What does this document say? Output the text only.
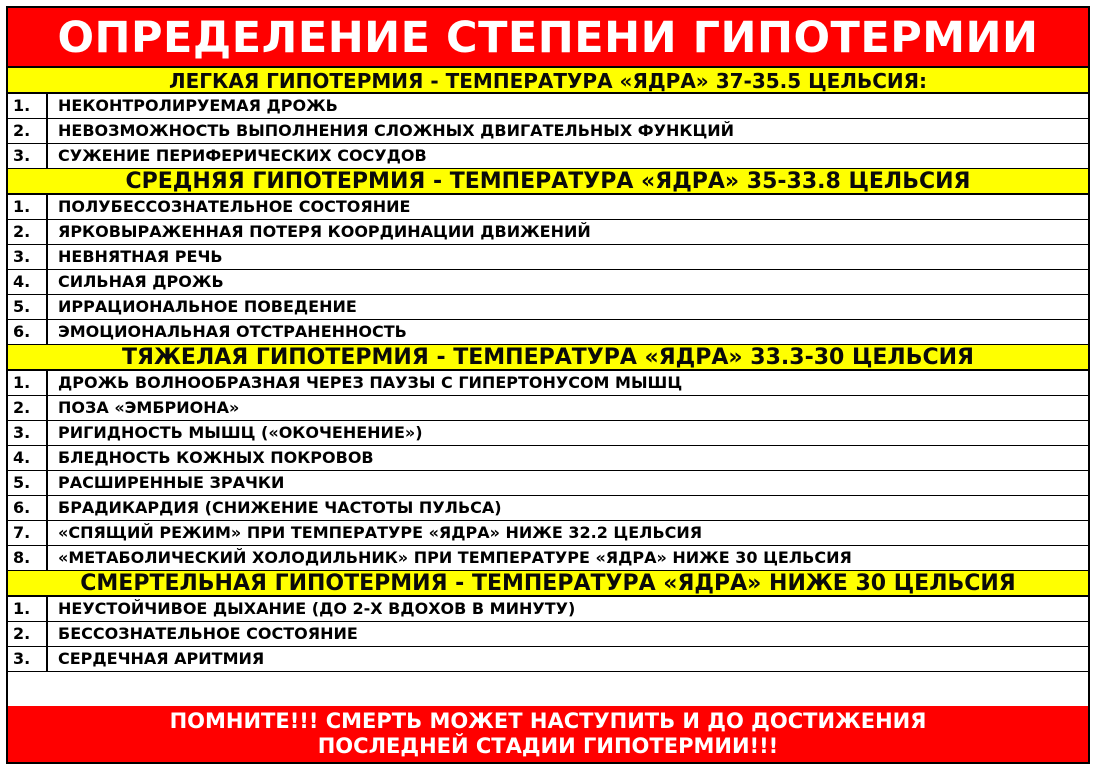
ОПРЕДЕЛЕНИЕ СТЕПЕНИ ГИПОТЕРМИИ
ЛЕГКАЯ ГИПОТЕРМИЯ - ТЕМПЕРАТУРА «ЯДРА» 37-35.5 ЦЕЛЬСИЯ:
1.	НЕКОНТРОЛИРУЕМАЯ ДРОЖЬ
2.	НЕВОЗМОЖНОСТЬ ВЫПОЛНЕНИЯ СЛОЖНЫХ ДВИГАТЕЛЬНЫХ ФУНКЦИЙ
3.	СУЖЕНИЕ ПЕРИФЕРИЧЕСКИХ СОСУДОВ
СРЕДНЯЯ ГИПОТЕРМИЯ - ТЕМПЕРАТУРА «ЯДРА» 35-33.8 ЦЕЛЬСИЯ
1.	ПОЛУБЕССОЗНАТЕЛЬНОЕ СОСТОЯНИЕ
2.	ЯРКОВЫРАЖЕННАЯ ПОТЕРЯ КООРДИНАЦИИ ДВИЖЕНИЙ
3.	НЕВНЯТНАЯ РЕЧЬ
4.	СИЛЬНАЯ ДРОЖЬ
5.	ИРРАЦИОНАЛЬНОЕ ПОВЕДЕНИЕ
6.	ЭМОЦИОНАЛЬНАЯ ОТСТРАНЕННОСТЬ
ТЯЖЕЛАЯ ГИПОТЕРМИЯ - ТЕМПЕРАТУРА «ЯДРА» 33.3-30 ЦЕЛЬСИЯ
1.	ДРОЖЬ ВОЛНООБРАЗНАЯ ЧЕРЕЗ ПАУЗЫ С ГИПЕРТОНУСОМ МЫШЦ
2.	ПОЗА «ЭМБРИОНА»
3.	РИГИДНОСТЬ МЫШЦ («ОКОЧЕНЕНИЕ»)
4.	БЛЕДНОСТЬ КОЖНЫХ ПОКРОВОВ
5.	РАСШИРЕННЫЕ ЗРАЧКИ
6.	БРАДИКАРДИЯ (СНИЖЕНИЕ ЧАСТОТЫ ПУЛЬСА)
7.	«СПЯЩИЙ РЕЖИМ» ПРИ ТЕМПЕРАТУРЕ «ЯДРА» НИЖЕ 32.2 ЦЕЛЬСИЯ
8.	«МЕТАБОЛИЧЕСКИЙ ХОЛОДИЛЬНИК» ПРИ ТЕМПЕРАТУРЕ «ЯДРА» НИЖЕ 30 ЦЕЛЬСИЯ
СМЕРТЕЛЬНАЯ ГИПОТЕРМИЯ - ТЕМПЕРАТУРА «ЯДРА» НИЖЕ 30 ЦЕЛЬСИЯ
1.	НЕУСТОЙЧИВОЕ ДЫХАНИЕ (ДО 2-Х ВДОХОВ В МИНУТУ)
2.	БЕССОЗНАТЕЛЬНОЕ СОСТОЯНИЕ
3.	СЕРДЕЧНАЯ АРИТМИЯ
ПОМНИТЕ!!! СМЕРТЬ МОЖЕТ НАСТУПИТЬ И ДО ДОСТИЖЕНИЯ
ПОСЛЕДНЕЙ СТАДИИ ГИПОТЕРМИИ!!!
